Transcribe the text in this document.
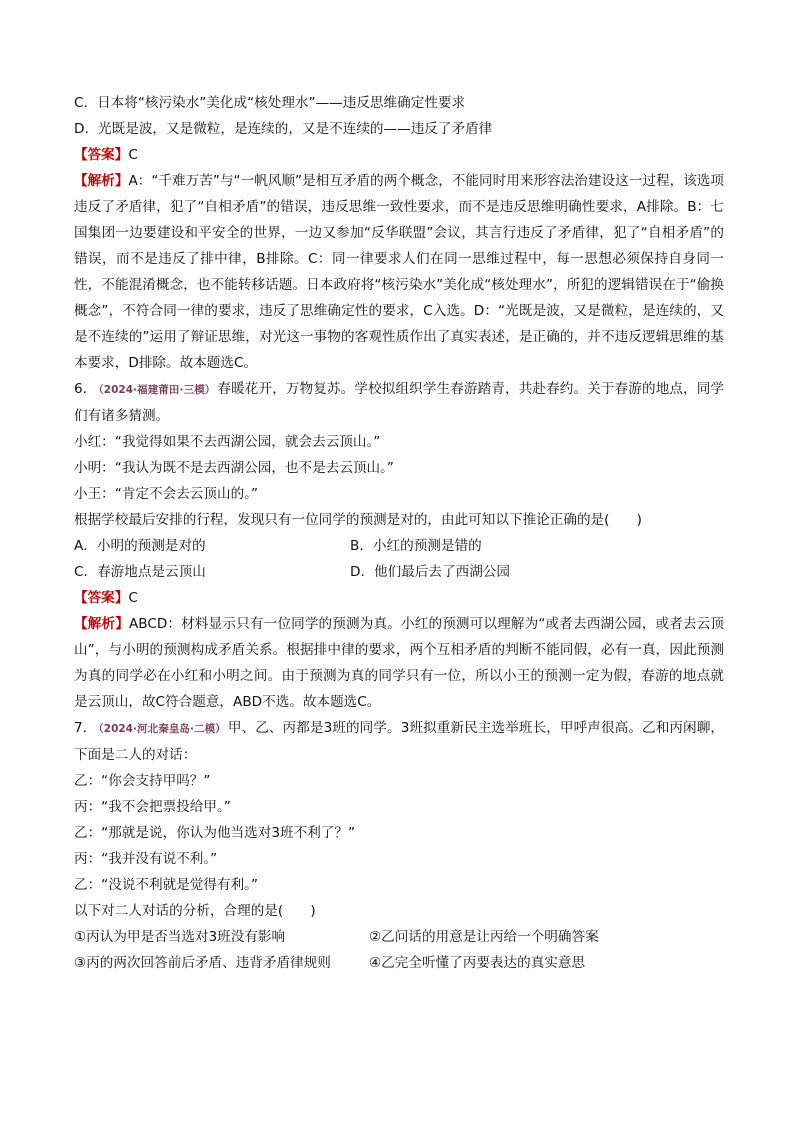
C．日本将“核污染水”美化成“核处理水”——违反思维确定性要求
D．光既是波，又是微粒，是连续的，又是不连续的——违反了矛盾律
【答案】C
【解析】A：“千难万苦”与“一帆风顺”是相互矛盾的两个概念，不能同时用来形容法治建设这一过程，该选项违反了矛盾律，犯了“自相矛盾”的错误，违反思维一致性要求，而不是违反思维明确性要求，A排除。B：七国集团一边要建设和平安全的世界，一边又参加“反华联盟”会议，其言行违反了矛盾律，犯了“自相矛盾”的错误，而不是违反了排中律，B排除。C：同一律要求人们在同一思维过程中，每一思想必须保持自身同一性，不能混淆概念，也不能转移话题。日本政府将“核污染水”美化成“核处理水”，所犯的逻辑错误在于“偷换概念”，不符合同一律的要求，违反了思维确定性的要求，C入选。D：“光既是波，又是微粒，是连续的，又是不连续的”运用了辩证思维，对光这一事物的客观性质作出了真实表述，是正确的，并不违反逻辑思维的基本要求，D排除。故本题选C。
6． （2024·福建莆田·三模） 春暖花开，万物复苏。学校拟组织学生春游踏青，共赴春约。关于春游的地点，同学们有诸多猜测。
小红：“我觉得如果不去西湖公园，就会去云顶山。”
小明：“我认为既不是去西湖公园，也不是去云顶山。”
小王：“肯定不会去云顶山的。”
根据学校最后安排的行程，发现只有一位同学的预测是对的，由此可知以下推论正确的是(　　)
A．小明的预测是对的	B．小红的预测是错的
C．春游地点是云顶山	D．他们最后去了西湖公园
【答案】C
【解析】ABCD：材料显示只有一位同学的预测为真。小红的预测可以理解为“或者去西湖公园，或者去云顶山”，与小明的预测构成矛盾关系。根据排中律的要求，两个互相矛盾的判断不能同假，必有一真，因此预测为真的同学必在小红和小明之间。由于预测为真的同学只有一位，所以小王的预测一定为假，春游的地点就是云顶山，故C符合题意，ABD不选。故本题选C。
7． （2024·河北秦皇岛·二模） 甲、乙、丙都是3班的同学。3班拟重新民主选举班长，甲呼声很高。乙和丙闲聊，下面是二人的对话：
乙：“你会支持甲吗？”
丙：“我不会把票投给甲。”
乙：“那就是说，你认为他当选对3班不利了？”
丙：“我并没有说不利。”
乙：“没说不利就是觉得有利。”
以下对二人对话的分析，合理的是(　　)
①丙认为甲是否当选对3班没有影响	②乙问话的用意是让丙给一个明确答案
③丙的两次回答前后矛盾、违背矛盾律规则	④乙完全听懂了丙要表达的真实意思
